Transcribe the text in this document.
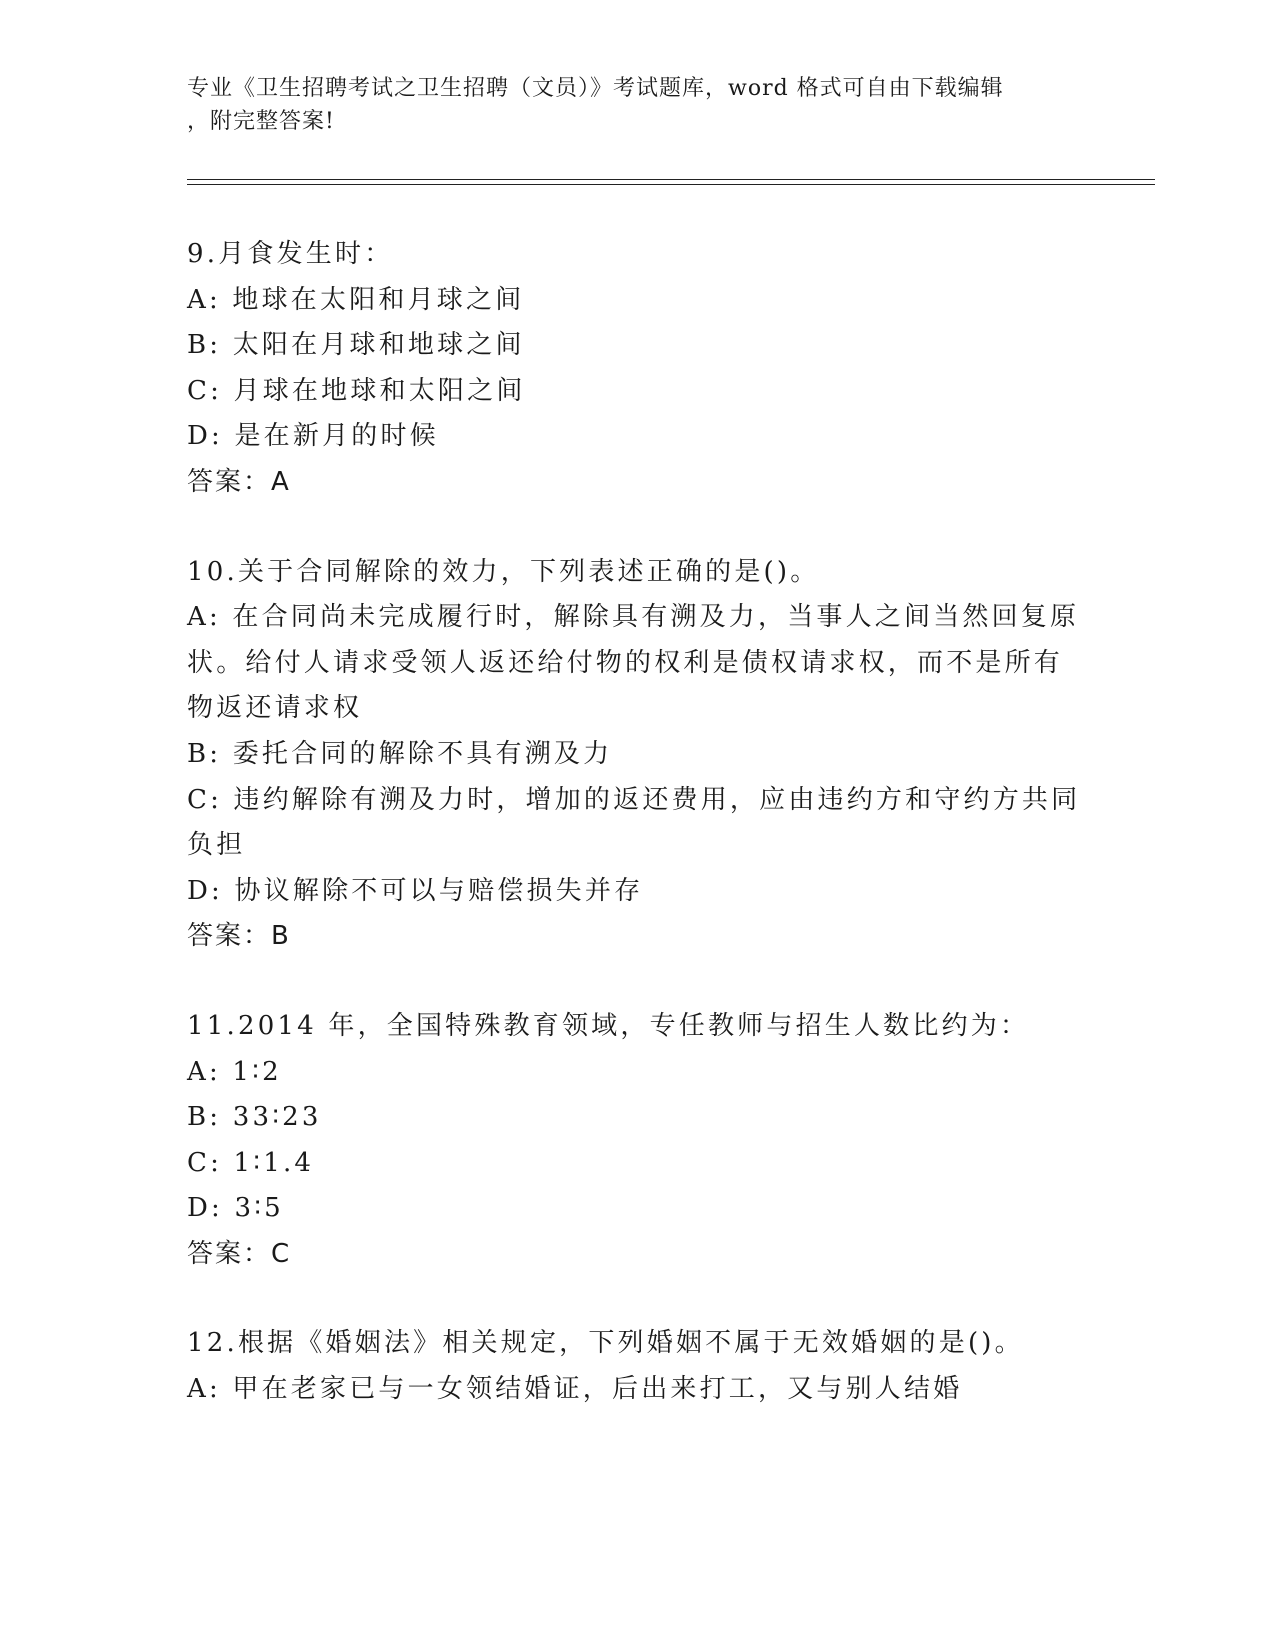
专业《卫生招聘考试之卫生招聘（文员）》考试题库，word 格式可自由下载编辑
，附完整答案!
9.月食发生时：
A: 地球在太阳和月球之间
B: 太阳在月球和地球之间
C: 月球在地球和太阳之间
D: 是在新月的时候
答案：A
10.关于合同解除的效力，下列表述正确的是()。
A: 在合同尚未完成履行时，解除具有溯及力，当事人之间当然回复原状。给付人请求受领人返还给付物的权利是债权请求权，而不是所有物返还请求权
B: 委托合同的解除不具有溯及力
C: 违约解除有溯及力时，增加的返还费用，应由违约方和守约方共同负担
D: 协议解除不可以与赔偿损失并存
答案：B
11.2014 年，全国特殊教育领域，专任教师与招生人数比约为：
A: 1∶2
B: 33∶23
C: 1∶1.4
D: 3∶5
答案：C
12.根据《婚姻法》相关规定，下列婚姻不属于无效婚姻的是()。
A: 甲在老家已与一女领结婚证，后出来打工，又与别人结婚
